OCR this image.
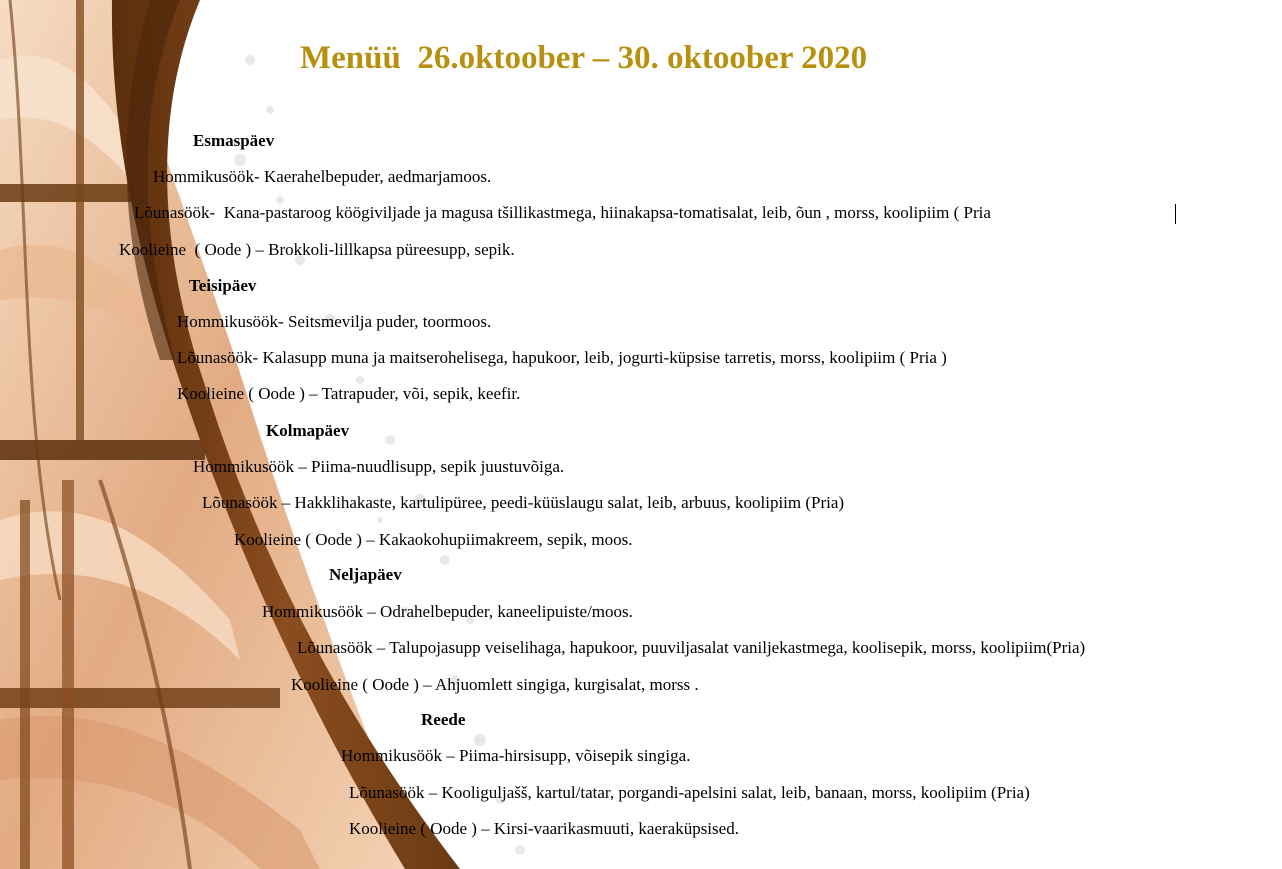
Menüü  26.oktoober – 30. oktoober 2020
Esmaspäev
Hommikusöök- Kaerahelbepuder, aedmarjamoos.
Lõunasöök-  Kana-pastaroog köögiviljade ja magusa tšillikastmega, hiinakapsa-tomatisalat, leib, õun , morss, koolipiim ( Pria
Koolieine  ( Oode ) – Brokkoli-lillkapsa püreesupp, sepik.
Teisipäev
Hommikusöök- Seitsmevilja puder, toormoos.
Lõunasöök- Kalasupp muna ja maitserohelisega, hapukoor, leib, jogurti-küpsise tarretis, morss, koolipiim ( Pria )
Koolieine ( Oode ) – Tatrapuder, või, sepik, keefir.
Kolmapäev
Hommikusöök – Piima-nuudlisupp, sepik juustuvõiga.
Lõunasöök – Hakklihakaste, kartulipüree, peedi-küüslaugu salat, leib, arbuus, koolipiim (Pria)
Koolieine ( Oode ) – Kakaokohupiimakreem, sepik, moos.
Neljapäev
Hommikusöök – Odrahelbepuder, kaneelipuiste/moos.
Lõunasöök – Talupojasupp veiselihaga, hapukoor, puuviljasalat vaniljekastmega, koolisepik, morss, koolipiim(Pria)
Koolieine ( Oode ) – Ahjuomlett singiga, kurgisalat, morss .
Reede
Hommikusöök – Piima-hirsisupp, võisepik singiga.
Lõunasöök – Kooliguljašš, kartul/tatar, porgandi-apelsini salat, leib, banaan, morss, koolipiim (Pria)
Koolieine ( Oode ) – Kirsi-vaarikasmuuti, kaeraküpsised.
